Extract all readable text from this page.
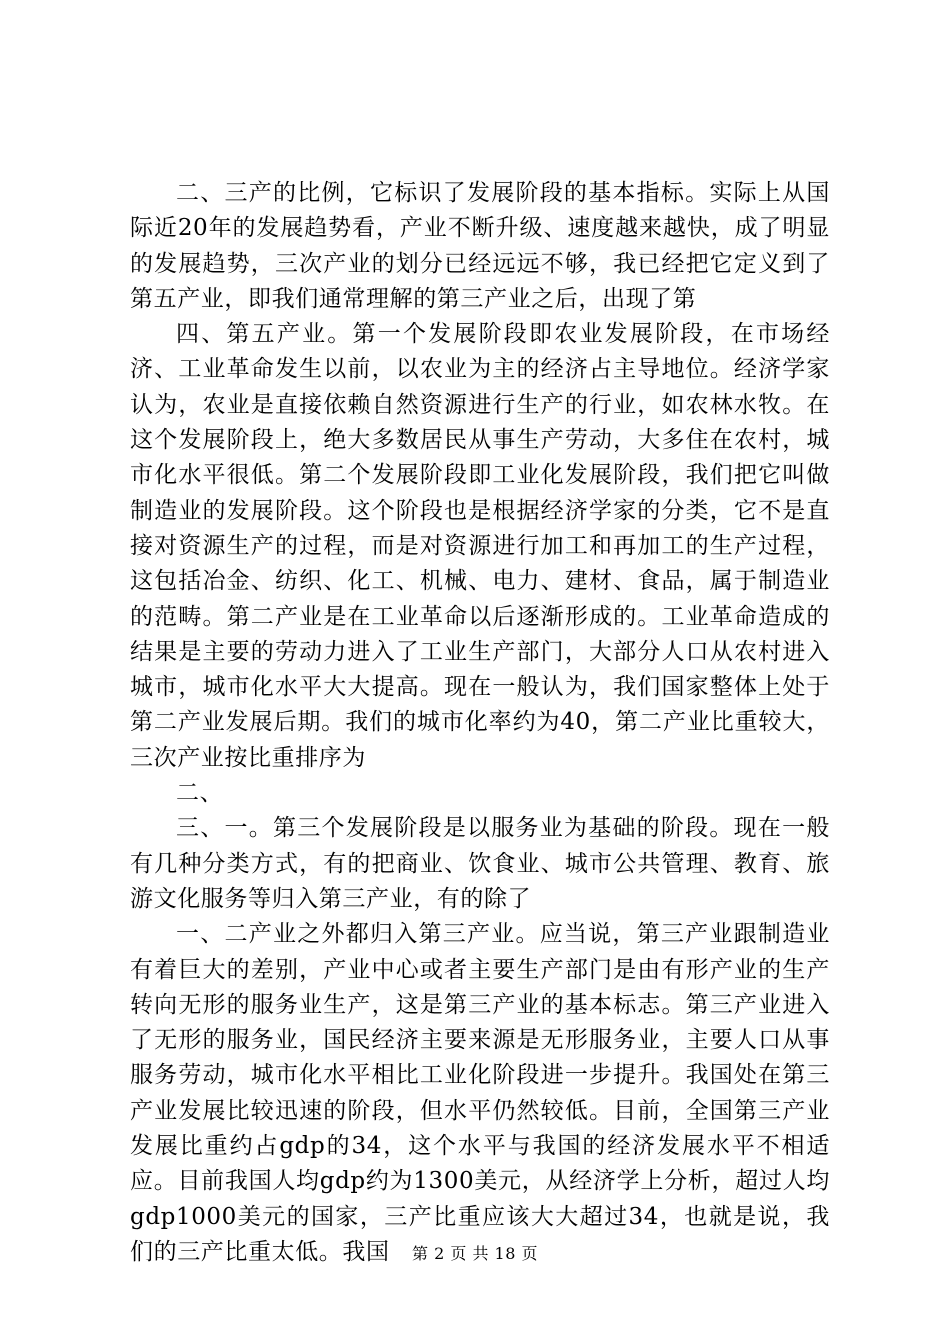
二、三产的比例，它标识了发展阶段的基本指标。实际上从国际近20年的发展趋势看，产业不断升级、速度越来越快，成了明显的发展趋势，三次产业的划分已经远远不够，我已经把它定义到了第五产业，即我们通常理解的第三产业之后，出现了第

四、第五产业。第一个发展阶段即农业发展阶段，在市场经济、工业革命发生以前，以农业为主的经济占主导地位。经济学家认为，农业是直接依赖自然资源进行生产的行业，如农林水牧。在这个发展阶段上，绝大多数居民从事生产劳动，大多住在农村，城市化水平很低。第二个发展阶段即工业化发展阶段，我们把它叫做制造业的发展阶段。这个阶段也是根据经济学家的分类，它不是直接对资源生产的过程，而是对资源进行加工和再加工的生产过程，这包括冶金、纺织、化工、机械、电力、建材、食品，属于制造业的范畴。第二产业是在工业革命以后逐渐形成的。工业革命造成的结果是主要的劳动力进入了工业生产部门，大部分人口从农村进入城市，城市化水平大大提高。现在一般认为，我们国家整体上处于第二产业发展后期。我们的城市化率约为40，第二产业比重较大，三次产业按比重排序为

二、

三、一。第三个发展阶段是以服务业为基础的阶段。现在一般有几种分类方式，有的把商业、饮食业、城市公共管理、教育、旅游文化服务等归入第三产业，有的除了

一、二产业之外都归入第三产业。应当说，第三产业跟制造业有着巨大的差别，产业中心或者主要生产部门是由有形产业的生产转向无形的服务业生产，这是第三产业的基本标志。第三产业进入了无形的服务业，国民经济主要来源是无形服务业，主要人口从事服务劳动，城市化水平相比工业化阶段进一步提升。我国处在第三产业发展比较迅速的阶段，但水平仍然较低。目前，全国第三产业发展比重约占gdp的34，这个水平与我国的经济发展水平不相适应。目前我国人均gdp约为1300美元，从经济学上分析，超过人均gdp1000美元的国家，三产比重应该大大超过34，也就是说，我们的三产比重太低。我国	第 2 页 共 18 页
